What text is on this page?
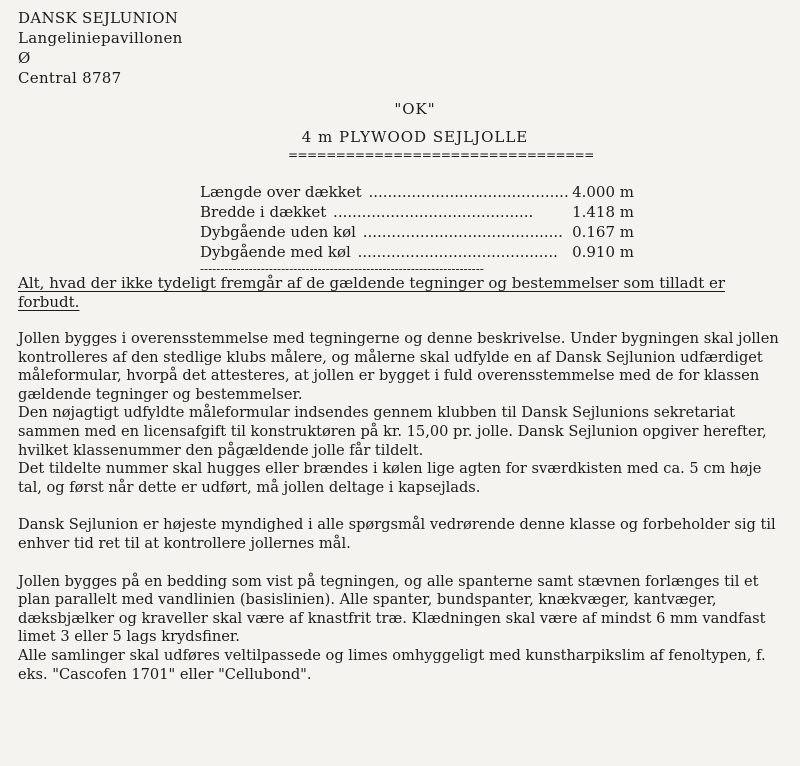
DANSK SEJLUNION
Langeliniepavillonen
Ø
Central 8787
"OK"
4 m PLYWOOD SEJLJOLLE
================================
Længde over dækket .......................................... 4.000 m
Bredde i dækket ..........................................	1.418 m
Dybgående uden køl .......................................... 0.167 m
Dybgående med køl .......................................... 0.910 m
----------------------------------------------------------------------
Alt, hvad der ikke tydeligt fremgår af de gældende tegninger og bestemmelser som tilladt er forbudt.

Jollen bygges i overensstemmelse med tegningerne og denne beskrivelse. Under bygningen skal jollen kontrolleres af den stedlige klubs målere, og målerne skal udfylde en af Dansk Sejlunion udfærdiget måleformular, hvorpå det attesteres, at jollen er bygget i fuld overensstemmelse med de for klassen gældende tegninger og bestemmelser.

Den nøjagtigt udfyldte måleformular indsendes gennem klubben til Dansk Sejlunions sekretariat sammen med en licensafgift til konstruktøren på kr. 15,00 pr. jolle. Dansk Sejlunion opgiver herefter, hvilket klassenummer den pågældende jolle får tildelt.

Det tildelte nummer skal hugges eller brændes i kølen lige agten for sværdkisten med ca. 5 cm høje tal, og først når dette er udført, må jollen deltage i kapsejlads.

Dansk Sejlunion er højeste myndighed i alle spørgsmål vedrørende denne klasse og forbeholder sig til enhver tid ret til at kontrollere jollernes mål.

Jollen bygges på en bedding som vist på tegningen, og alle spanterne samt stævnen forlænges til et plan parallelt med vandlinien (basislinien). Alle spanter, bundspanter, knækvæger, kantvæger, dæksbjælker og kraveller skal være af knastfrit træ. Klædningen skal være af mindst 6 mm vandfast limet 3 eller 5 lags krydsfiner.

Alle samlinger skal udføres veltilpassede og limes omhyggeligt med kunstharpikslim af fenoltypen, f. eks. "Cascofen 1701" eller "Cellubond".
